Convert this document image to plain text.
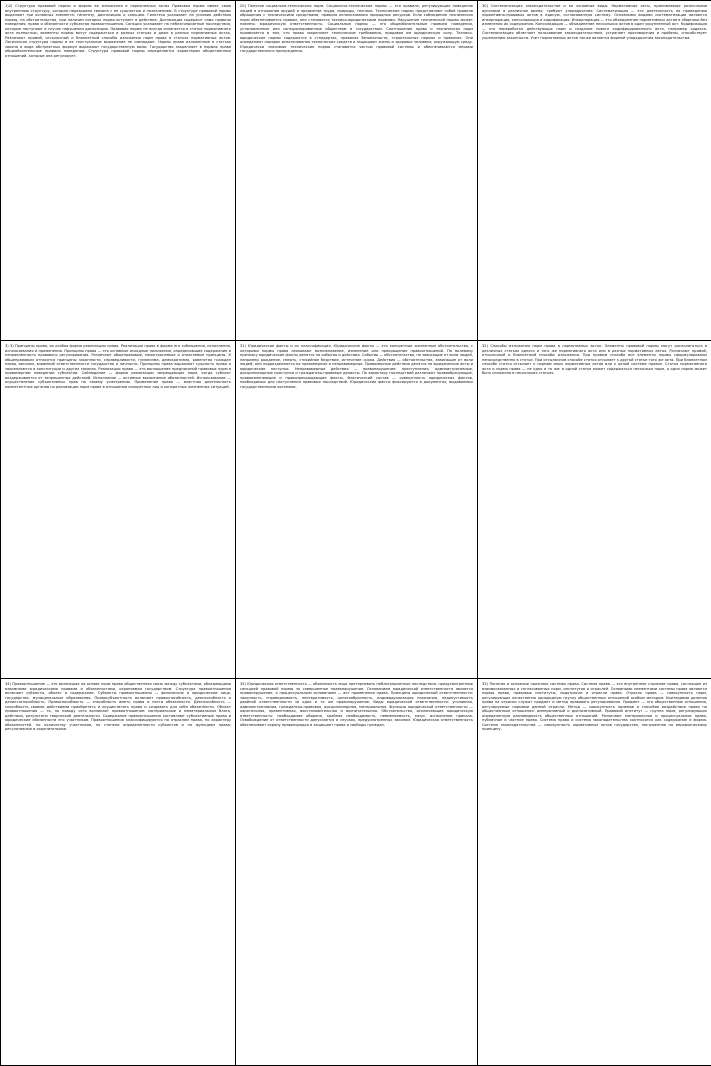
1)2) Структура правовой нормы и формы ее изложения в нормативных актах Правовая норма имеет свою внутреннюю структуру, которая неразрывно связана с ее сущностью и назначением. В структуре правовой нормы выделяют три основных элемента: гипотезу, диспозицию и санкцию. Гипотеза указывает на условия действия нормы, на обстоятельства, при наличии которых норма вступает в действие. Диспозиция содержит само правило поведения, права и обязанности субъектов правоотношения. Санкция указывает на неблагоприятные последствия, которые наступают в случае нарушения диспозиции. Правовая норма не всегда излагается в статье нормативного акта полностью; элементы нормы могут содержаться в разных статьях и даже в разных нормативных актах. Различают прямой, отсылочный и бланкетный способы изложения норм права в статьях нормативных актов. Логическая структура нормы и ее текстуальное выражение не совпадают. Нормы права изложенные в статьях закона в виде абстрактных формул выражают государственную волю. Государство закрепляет в нормах права общеобязательные правила поведения. Структура правовой нормы определяется характером общественных отношений, которые она регулирует.

20) Понятие социально-технических норм. Социально-технические нормы — это правила, регулирующие поведение людей в отношении орудий и предметов труда, природы, техники. Технические нормы представляют собой правила обращения с техническими средствами, правила использования природных ресурсов. Если соблюдение технических норм обеспечивается правом, они становятся технико-юридическими нормами. Нарушение технической нормы может повлечь юридическую ответственность. Социальные нормы — это общеобязательные правила поведения, установленные или санкционированные обществом и государством. Соотношение права и технических норм проявляется в том, что право закрепляет технические требования, придавая им юридическую силу. Технико-юридические нормы содержатся в стандартах, правилах безопасности, строительных нормах и правилах. Они определяют порядок использования технических средств и защищают жизнь и здоровье человека, окружающую среду. Юридически значимые технические нормы становятся частью правовой системы и обеспечиваются мерами государственного принуждения.

30) Систематизация законодательства и ее основные виды. Нормативные акты, принимаемые различными органами в различное время, требуют упорядочения. Систематизация — это деятельность по приведению нормативно-правовых актов в единую, согласованную систему. Основными видами систематизации являются инкорпорация, консолидация и кодификация. Инкорпорация — это объединение нормативных актов в сборники без изменения их содержания. Консолидация — объединение нескольких актов в один укрупненный акт. Кодификация — это переработка действующих норм и создание нового кодифицированного акта, например кодекса. Систематизация облегчает пользование законодательством, устраняет противоречия и пробелы, способствует укреплению законности. Учет нормативных актов также является формой упорядочения законодательства.

3) 3) Принципы права, их особая форма реализации права. Реализация права в форме его соблюдения, исполнения, использования и применения. Принципы права — это основные исходные положения, определяющие содержание и направленность правового регулирования. Различают общеправовые, межотраслевые и отраслевые принципы. К общеправовым относятся принципы законности, справедливости, гуманизма, демократизма, равенства граждан перед законом, взаимной ответственности государства и личности. Принципы права выражают сущность права и закрепляются в конституции и других законах. Реализация права — это воплощение предписаний правовых норм в правомерном поведении субъектов. Соблюдение — форма реализации запрещающих норм, когда субъект воздерживается от запрещенных действий. Исполнение — активное выполнение обязанностей. Использование — осуществление субъективных прав по своему усмотрению. Применение права — властная деятельность компетентных органов по реализации норм права в отношении конкретных лиц и конкретных жизненных ситуаций.

31) Юридические факты и их классификация. Юридические факты — это конкретные жизненные обстоятельства, с которыми нормы права связывают возникновение, изменение или прекращение правоотношений. По волевому признаку юридические факты делятся на события и действия. События — обстоятельства, не зависящие от воли людей, например рождение, смерть, стихийное бедствие, истечение срока. Действия — обстоятельства, зависящие от воли людей; они подразделяются на правомерные и неправомерные. Правомерные действия делятся на юридические акты и юридические поступки. Неправомерные действия — правонарушения: преступления, административные, дисциплинарные проступки и гражданско-правовые деликты. По характеру последствий различают правообразующие, правоизменяющие и правопрекращающие факты. Фактический состав — совокупность юридических фактов, необходимых для наступления правовых последствий. Юридические факты фиксируются в документах, выдаваемых государственными органами.

32) Способы изложения норм права в нормативных актах. Элементы правовой нормы могут располагаться в различных статьях одного и того же нормативного акта или в разных нормативных актах. Различают прямой, отсылочный и бланкетный способы изложения. При прямом способе все элементы нормы сформулированы непосредственно в статье. При отсылочном способе статья отсылает к другой статье того же акта. При бланкетном способе статья отсылает к нормам иных нормативных актов или к целой системе правил. Статья нормативного акта и норма права — не одно и то же: в одной статье может содержаться несколько норм, а одна норма может быть изложена в нескольких статьях.

34) Правоотношение — это возникшая на основе норм права общественная связь между субъектами, обладающими взаимными юридическими правами и обязанностями, охраняемая государством. Структура правоотношения включает субъекты, объект и содержание. Субъекты правоотношения — физические и юридические лица, государство, муниципальные образования. Правосубъектность включает правоспособность, дееспособность и деликтоспособность. Правоспособность — способность иметь права и нести обязанности. Дееспособность — способность своими действиями приобретать и осуществлять права и создавать для себя обязанности. Объект правоотношения — то, по поводу чего возникает правоотношение: материальные и нематериальные блага, действия, результаты творческой деятельности. Содержание правоотношения составляют субъективные права и юридические обязанности его участников. Правоотношения классифицируются по отраслям права, по характеру обязанностей, по количеству участников, по степени определенности субъектов и по функциям права: регулятивные и охранительные.

35) Юридическая ответственность — обязанность лица претерпевать неблагоприятные последствия, предусмотренные санкцией правовой нормы за совершенное правонарушение. Основанием юридической ответственности является правонарушение, а процессуальным основанием — акт применения права. Принципы юридической ответственности: законность, справедливость, неотвратимость, целесообразность, индивидуализация наказания, недопустимость двойной ответственности за одно и то же правонарушение. Виды юридической ответственности: уголовная, административная, гражданско-правовая, дисциплинарная, материальная. Функции юридической ответственности — карательная, превентивная, восстановительная и воспитательная. Обстоятельства, исключающие юридическую ответственность: необходимая оборона, крайняя необходимость, невменяемость, казус, исполнение приказа. Освобождение от ответственности допускается в случаях, предусмотренных законом. Юридическая ответственность обеспечивает охрану правопорядка и защищает права и свободы граждан.

33) Понятие и основные признаки системы права. Система права — это внутреннее строение права, состоящее из взаимосвязанных и согласованных норм, институтов и отраслей. Основными элементами системы права являются нормы права, правовые институты, подотрасли и отрасли права. Отрасль права — совокупность норм, регулирующих качественно однородную группу общественных отношений особым методом. Критериями деления права на отрасли служат предмет и метод правового регулирования. Предмет — это общественные отношения, регулируемые нормами данной отрасли. Метод — совокупность приемов и способов воздействия права на общественные отношения: императивный и диспозитивный. Правовой институт — группа норм, регулирующих определенную разновидность общественных отношений. Различают материальное и процессуальное право, публичное и частное право. Система права и система законодательства соотносятся как содержание и форма. Система законодательства — совокупность нормативных актов государства, построенная по иерархическому принципу.
